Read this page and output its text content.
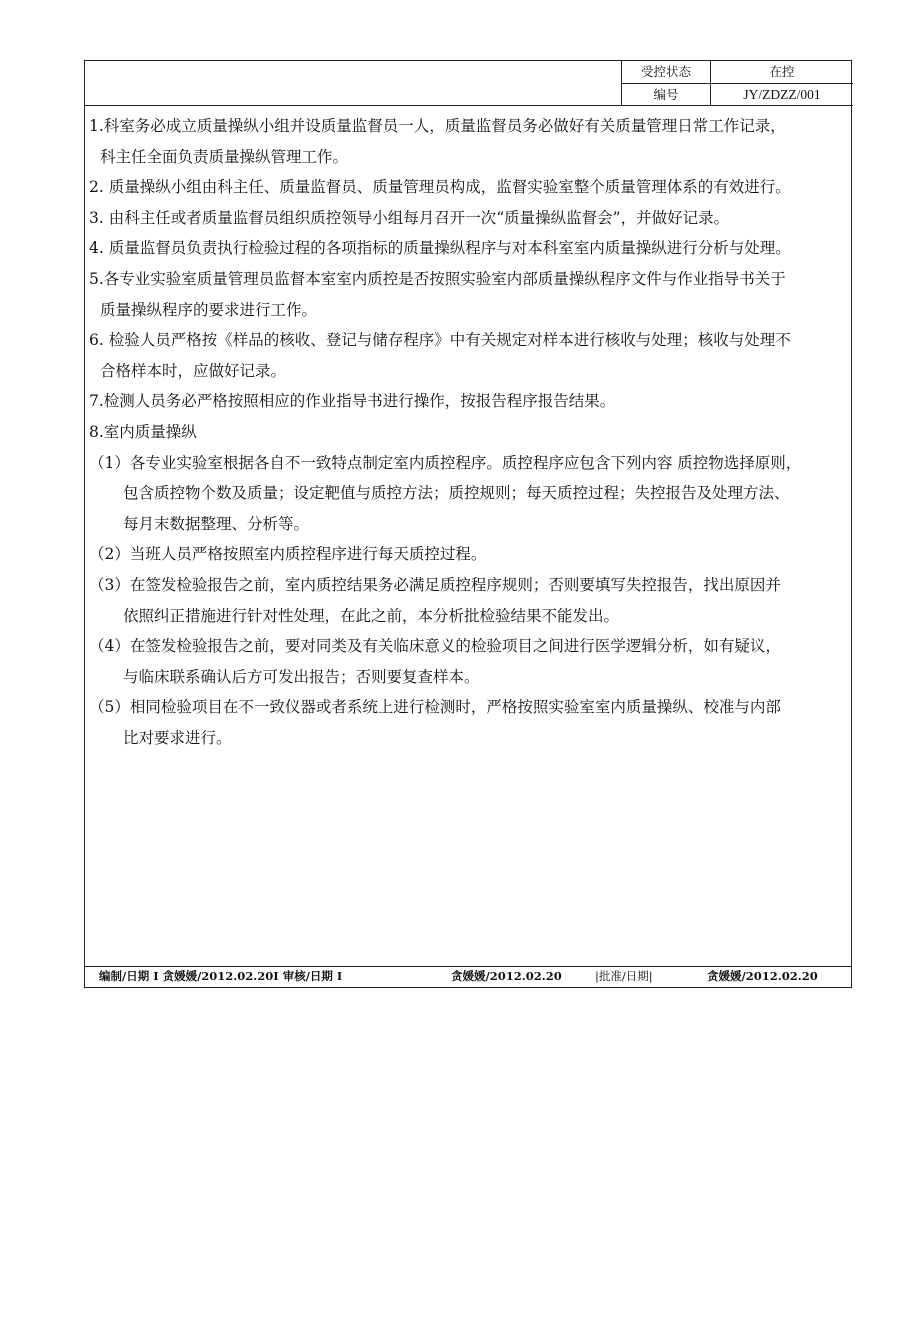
受控状态	在控
编号	JY/ZDZZ/001
1.科室务必成立质量操纵小组并设质量监督员一人，质量监督员务必做好有关质量管理日常工作记录，
科主任全面负责质量操纵管理工作。
2. 质量操纵小组由科主任、质量监督员、质量管理员构成，监督实验室整个质量管理体系的有效进行。
3. 由科主任或者质量监督员组织质控领导小组每月召开一次“质量操纵监督会”，并做好记录。
4. 质量监督员负责执行检验过程的各项指标的质量操纵程序与对本科室室内质量操纵进行分析与处理。
5.各专业实验室质量管理员监督本室室内质控是否按照实验室内部质量操纵程序文件与作业指导书关于
质量操纵程序的要求进行工作。
6. 检验人员严格按《样品的核收、登记与储存程序》中有关规定对样本进行核收与处理；核收与处理不
合格样本时，应做好记录。
7.检测人员务必严格按照相应的作业指导书进行操作，按报告程序报告结果。
8.室内质量操纵
（1）各专业实验室根据各自不一致特点制定室内质控程序。质控程序应包含下列内容 质控物选择原则，
包含质控物个数及质量；设定靶值与质控方法；质控规则；每天质控过程；失控报告及处理方法、
每月末数据整理、分析等。
（2）当班人员严格按照室内质控程序进行每天质控过程。
（3）在签发检验报告之前，室内质控结果务必满足质控程序规则；否则要填写失控报告，找出原因并
依照纠正措施进行针对性处理，在此之前，本分析批检验结果不能发出。
（4）在签发检验报告之前，要对同类及有关临床意义的检验项目之间进行医学逻辑分析，如有疑议，
与临床联系确认后方可发出报告；否则要复查样本。
（5）相同检验项目在不一致仪器或者系统上进行检测时，严格按照实验室室内质量操纵、校准与内部
比对要求进行。
编制/日期 I 贪媛媛/2012.02.20I 审核/日期 I	贪媛媛/2012.02.20	|批准/日期|	贪媛媛/2012.02.20
